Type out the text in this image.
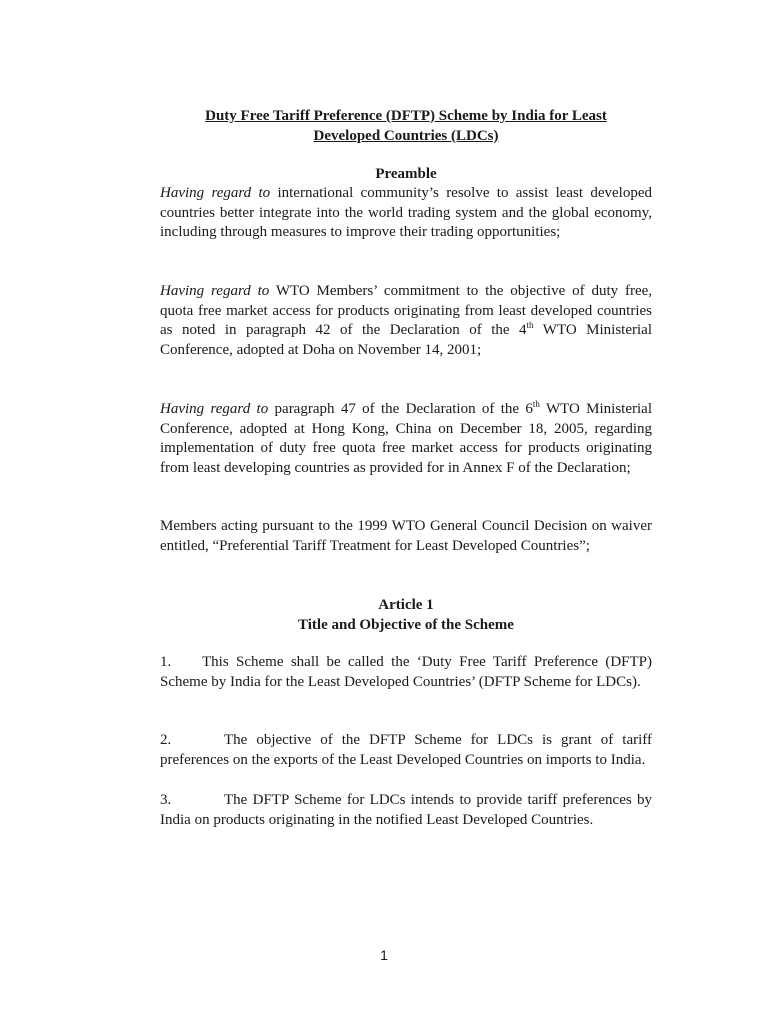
Duty Free Tariff Preference (DFTP) Scheme by India for Least
Developed Countries (LDCs)
Preamble

Having regard to international community’s resolve to assist least developed countries better integrate into the world trading system and the global economy, including through measures to improve their trading opportunities;

Having regard to WTO Members’ commitment to the objective of duty free, quota free market access for products originating from least developed countries as noted in paragraph 42 of the Declaration of the 4th WTO Ministerial Conference, adopted at Doha on November 14, 2001;

Having regard to paragraph 47 of the Declaration of the 6th WTO Ministerial Conference, adopted at Hong Kong, China on December 18, 2005, regarding implementation of duty free quota free market access for products originating from least developing countries as provided for in Annex F of the Declaration;

Members acting pursuant to the 1999 WTO General Council Decision on waiver entitled, “Preferential Tariff Treatment for Least Developed Countries”;

Article 1
Title and Objective of the Scheme

1. This Scheme shall be called the ‘Duty Free Tariff Preference (DFTP) Scheme by India for the Least Developed Countries’ (DFTP Scheme for LDCs).

2.	The objective of the DFTP Scheme for LDCs is grant of tariff preferences on the exports of the Least Developed Countries on imports to India.

3.	The DFTP Scheme for LDCs intends to provide tariff preferences by India on products originating in the notified Least Developed Countries.

1
